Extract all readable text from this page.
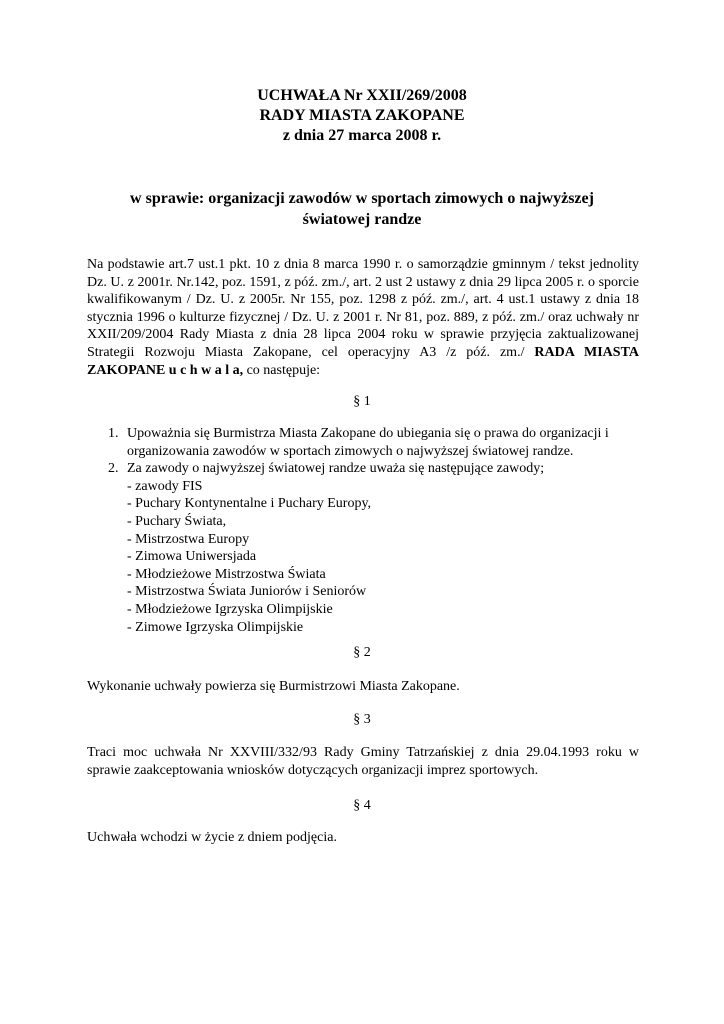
UCHWAŁA Nr XXII/269/2008
RADY MIASTA ZAKOPANE
z dnia 27 marca 2008 r.
w sprawie: organizacji zawodów w sportach zimowych o najwyższej
światowej randze
Na podstawie art.7 ust.1 pkt. 10 z dnia 8 marca 1990 r. o samorządzie gminnym / tekst jednolity Dz. U. z 2001r. Nr.142, poz. 1591, z póź. zm./, art. 2 ust 2 ustawy z dnia 29 lipca 2005 r. o sporcie kwalifikowanym / Dz. U. z 2005r. Nr 155, poz. 1298 z póź. zm./, art. 4 ust.1 ustawy z dnia 18 stycznia 1996 o kulturze fizycznej / Dz. U. z 2001 r. Nr 81, poz. 889, z póź. zm./ oraz uchwały nr XXII/209/2004 Rady Miasta z dnia 28 lipca 2004 roku w sprawie przyjęcia zaktualizowanej Strategii Rozwoju Miasta Zakopane, cel operacyjny A3 /z póź. zm./ RADA MIASTA ZAKOPANE u c h w a l a, co następuje:
§ 1
1. Upoważnia się Burmistrza Miasta Zakopane do ubiegania się o prawa do organizacji i organizowania zawodów w sportach zimowych o najwyższej światowej randze.
2. Za zawody o najwyższej światowej randze uważa się następujące zawody;
- zawody FIS
- Puchary Kontynentalne i Puchary Europy,
- Puchary Świata,
- Mistrzostwa Europy
- Zimowa Uniwersjada
- Młodzieżowe Mistrzostwa Świata
- Mistrzostwa Świata Juniorów i Seniorów
- Młodzieżowe Igrzyska Olimpijskie
- Zimowe Igrzyska Olimpijskie
§ 2
Wykonanie uchwały powierza się Burmistrzowi Miasta Zakopane.
§ 3
Traci moc uchwała Nr XXVIII/332/93 Rady Gminy Tatrzańskiej z dnia 29.04.1993 roku w sprawie zaakceptowania wniosków dotyczących organizacji imprez sportowych.
§ 4
Uchwała wchodzi w życie z dniem podjęcia.
